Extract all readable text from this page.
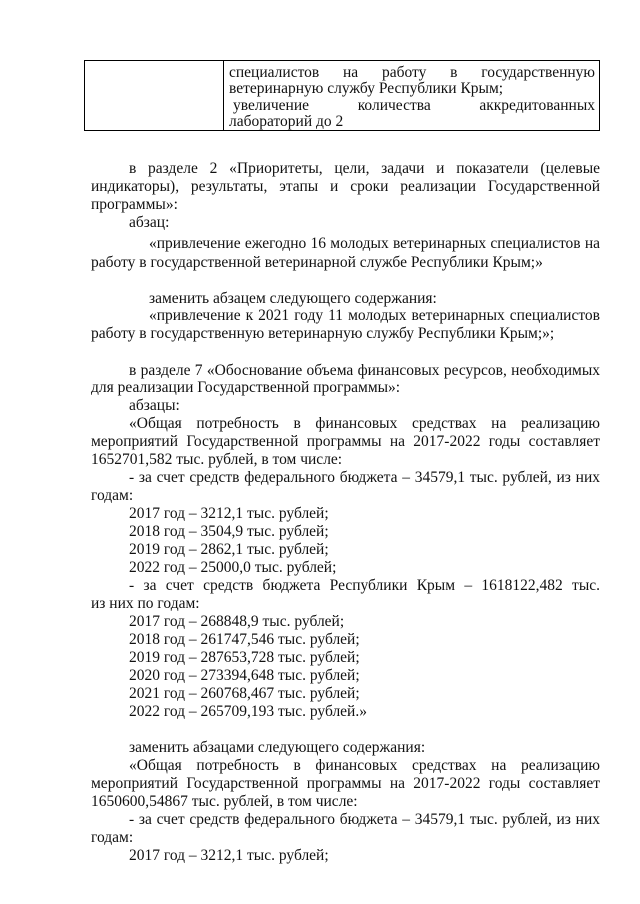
специалистов на работу в государственную
ветеринарную службу Республики Крым;
увеличение количества аккредитованных
лабораторий до 2
в разделе 2 «Приоритеты, цели, задачи и показатели (целевые
индикаторы), результаты, этапы и сроки реализации Государственной
программы»:
абзац:
«привлечение ежегодно 16 молодых ветеринарных специалистов на
работу в государственной ветеринарной службе Республики Крым;»
заменить абзацем следующего содержания:
«привлечение к 2021 году 11 молодых ветеринарных специалистов
работу в государственную ветеринарную службу Республики Крым;»;
в разделе 7 «Обоснование объема финансовых ресурсов, необходимых
для реализации Государственной программы»:
абзацы:
«Общая потребность в финансовых средствах на реализацию
мероприятий Государственной программы на 2017-2022 годы составляет
1652701,582 тыс. рублей, в том числе:
- за счет средств федерального бюджета – 34579,1 тыс. рублей, из них
годам:
2017 год – 3212,1 тыс. рублей;
2018 год – 3504,9 тыс. рублей;
2019 год – 2862,1 тыс. рублей;
2022 год – 25000,0 тыс. рублей;
- за счет средств бюджета Республики Крым – 1618122,482 тыс.
из них по годам:
2017 год – 268848,9 тыс. рублей;
2018 год – 261747,546 тыс. рублей;
2019 год – 287653,728 тыс. рублей;
2020 год – 273394,648 тыс. рублей;
2021 год – 260768,467 тыс. рублей;
2022 год – 265709,193 тыс. рублей.»
заменить абзацами следующего содержания:
«Общая потребность в финансовых средствах на реализацию
мероприятий Государственной программы на 2017-2022 годы составляет
1650600,54867 тыс. рублей, в том числе:
- за счет средств федерального бюджета – 34579,1 тыс. рублей, из них
годам:
2017 год – 3212,1 тыс. рублей;
